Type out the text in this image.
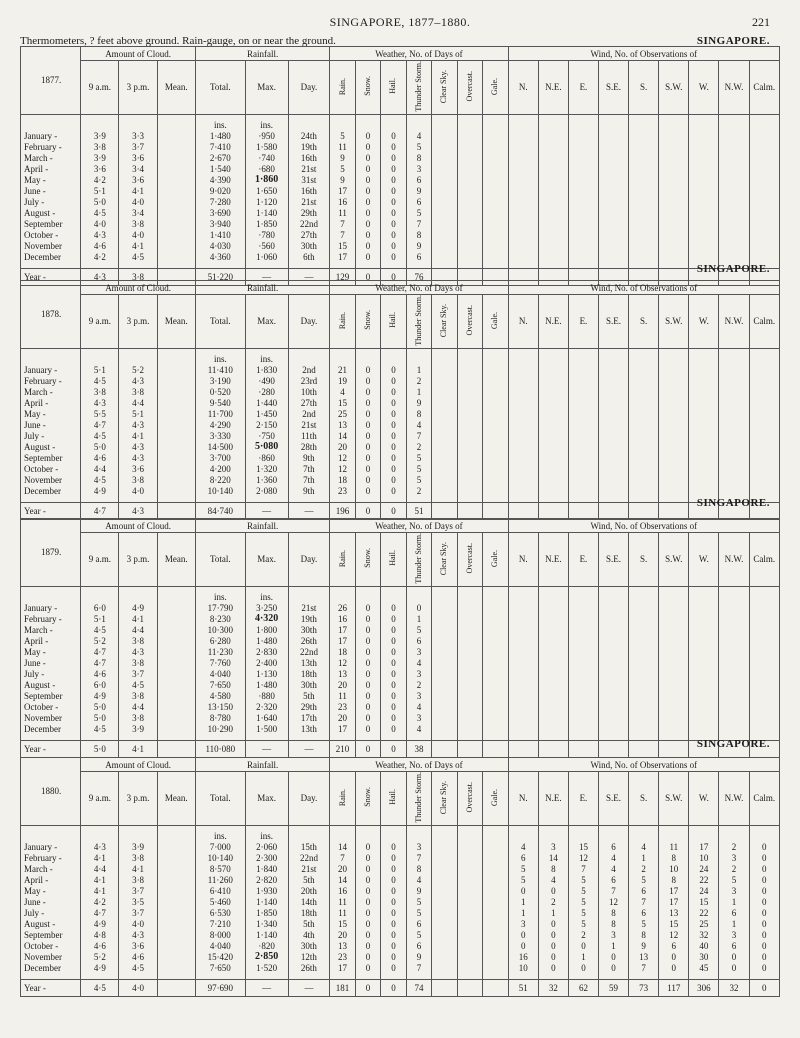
SINGAPORE, 1877–1880.	221
Thermometers, ? feet above ground. Rain-gauge, on or near the ground.	SINGAPORE.
1877.	Amount of Cloud.			Rainfall.			Weather, No. of Days of							Wind, No. of Observations of								
	9 a.m.	3 p.m.	Mean.	Total.	Max.	Day.	Rain.	Snow.	Hail.	Thunder Storm.	Clear Sky.	Overcast.	Gale.	N.	N.E.	E.	S.E.	S.	S.W.	W.	N.W.	Calm.
				ins.	ins.																	
January -	3·9	3·3		1·480	·950	24th	5	0	0	4												
February -	3·8	3·7		7·410	1·580	19th	11	0	0	5												
March -	3·9	3·6		2·670	·740	16th	9	0	0	8												
April -	3·6	3·4		1·540	·680	21st	5	0	0	3												
May -	4·2	3·6		4·390	1·860	31st	9	0	0	6												
June -	5·1	4·1		9·020	1·650	16th	17	0	0	9												
July -	5·0	4·0		7·280	1·120	21st	16	0	0	6												
August -	4·5	3·4		3·690	1·140	29th	11	0	0	5												
September	4·0	3·8		3·940	1·850	22nd	7	0	0	7												
October -	4·3	4·0		1·410	·780	27th	7	0	0	8												
November	4·6	4·1		4·030	·560	30th	15	0	0	9												
December	4·2	4·5		4·360	1·060	6th	17	0	0	6												

Year -	4·3	3·8		51·220	—	—	129	0	0	76												
SINGAPORE.
1878.	Amount of Cloud.			Rainfall.			Weather, No. of Days of							Wind, No. of Observations of								
	9 a.m.	3 p.m.	Mean.	Total.	Max.	Day.	Rain.	Snow.	Hail.	Thunder Storm.	Clear Sky.	Overcast.	Gale.	N.	N.E.	E.	S.E.	S.	S.W.	W.	N.W.	Calm.
				ins.	ins.																	
January -	5·1	5·2		11·410	1·830	2nd	21	0	0	1												
February -	4·5	4·3		3·190	·490	23rd	19	0	0	2												
March -	3·8	3·8		0·520	·280	10th	4	0	0	1												
April -	4·3	4·4		9·540	1·440	27th	15	0	0	9												
May -	5·5	5·1		11·700	1·450	2nd	25	0	0	8												
June -	4·7	4·3		4·290	2·150	21st	13	0	0	4												
July -	4·5	4·1		3·330	·750	11th	14	0	0	7												
August -	5·0	4·3		14·500	5·080	28th	20	0	0	2												
September	4·6	4·3		3·700	·860	9th	12	0	0	5												
October -	4·4	3·6		4·200	1·320	7th	12	0	0	5												
November	4·5	3·8		8·220	1·360	7th	18	0	0	5												
December	4·9	4·0		10·140	2·080	9th	23	0	0	2												

Year -	4·7	4·3		84·740	—	—	196	0	0	51												
SINGAPORE.
1879.	Amount of Cloud.			Rainfall.			Weather, No. of Days of							Wind, No. of Observations of								
	9 a.m.	3 p.m.	Mean.	Total.	Max.	Day.	Rain.	Snow.	Hail.	Thunder Storm.	Clear Sky.	Overcast.	Gale.	N.	N.E.	E.	S.E.	S.	S.W.	W.	N.W.	Calm.
				ins.	ins.																	
January -	6·0	4·9		17·790	3·250	21st	26	0	0	0												
February -	5·1	4·1		8·230	4·320	19th	16	0	0	1												
March -	4·5	4·4		10·300	1·800	30th	17	0	0	5												
April -	5·2	3·8		6·280	1·480	26th	17	0	0	6												
May -	4·7	4·3		11·230	2·830	22nd	18	0	0	3												
June -	4·7	3·8		7·760	2·400	13th	12	0	0	4												
July -	4·6	3·7		4·040	1·130	18th	13	0	0	3												
August -	6·0	4·5		7·650	1·480	30th	20	0	0	2												
September	4·9	3·8		4·580	·880	5th	11	0	0	3												
October -	5·0	4·4		13·150	2·320	29th	23	0	0	4												
November	5·0	3·8		8·780	1·640	17th	20	0	0	3												
December	4·5	3·9		10·290	1·500	13th	17	0	0	4												

Year -	5·0	4·1		110·080	—	—	210	0	0	38													SINGAPORE.
1880.	Amount of Cloud.			Rainfall.			Weather, No. of Days of							Wind, No. of Observations of								
	9 a.m.	3 p.m.	Mean.	Total.	Max.	Day.	Rain.	Snow.	Hail.	Thunder Storm.	Clear Sky.	Overcast.	Gale.	N.	N.E.	E.	S.E.	S.	S.W.	W.	N.W.	Calm.
				ins.	ins.																	
January -	4·3	3·9		7·000	2·060	15th	14	0	0	3				4	3	15	6	4	11	17	2	0
February -	4·1	3·8		10·140	2·300	22nd	7	0	0	7				6	14	12	4	1	8	10	3	0
March -	4·4	4·1		8·570	1·840	21st	20	0	0	8				5	8	7	4	2	10	24	2	0
April -	4·1	3·8		11·260	2·820	5th	14	0	0	4				5	4	5	6	5	8	22	5	0
May -	4·1	3·7		6·410	1·930	20th	16	0	0	9				0	0	5	7	6	17	24	3	0
June -	4·2	3·5		5·460	1·140	14th	11	0	0	5				1	2	5	12	7	17	15	1	0
July -	4·7	3·7		6·530	1·850	18th	11	0	0	5				1	1	5	8	6	13	22	6	0
August -	4·9	4·0		7·210	1·340	5th	15	0	0	6				3	0	5	8	5	15	25	1	0
September	4·8	4·3		8·000	1·140	4th	20	0	0	5				0	0	2	3	8	12	32	3	0
October -	4·6	3·6		4·040	·820	30th	13	0	0	6				0	0	0	1	9	6	40	6	0
November	5·2	4·6		15·420	2·850	12th	23	0	0	9				16	0	1	0	13	0	30	0	0
December	4·9	4·5		7·650	1·520	26th	17	0	0	7				10	0	0	0	7	0	45	0	0

Year -	4·5	4·0		97·690	—	—	181	0	0	74				51	32	62	59	73	117	306	32	0
